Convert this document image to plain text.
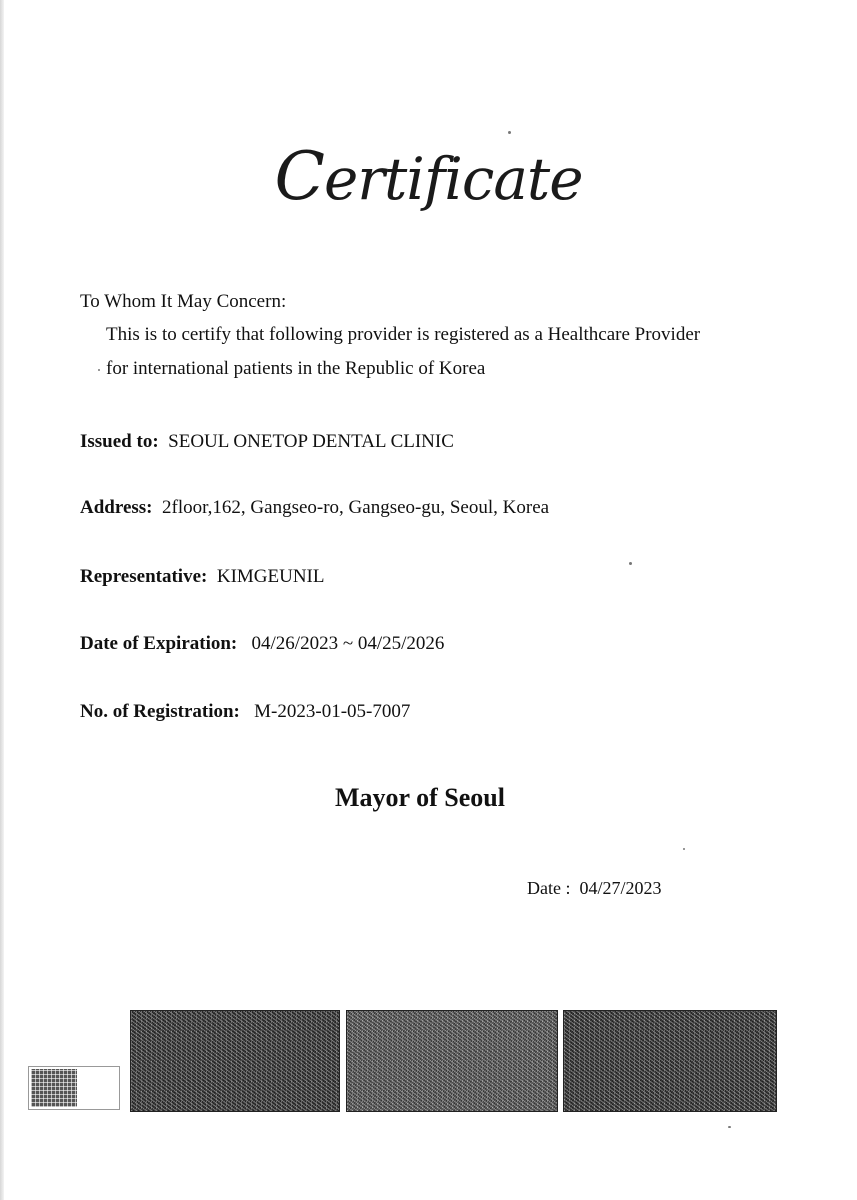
Certificate
To Whom It May Concern:
This is to certify that following provider is registered as a Healthcare Provider
for international patients in the Republic of Korea
Issued to: SEOUL ONETOP DENTAL CLINIC
Address: 2floor,162, Gangseo-ro, Gangseo-gu, Seoul, Korea
Representative: KIMGEUNIL
Date of Expiration: 04/26/2023 ~ 04/25/2026
No. of Registration: M-2023-01-05-7007
Mayor of Seoul
Date : 04/27/2023
